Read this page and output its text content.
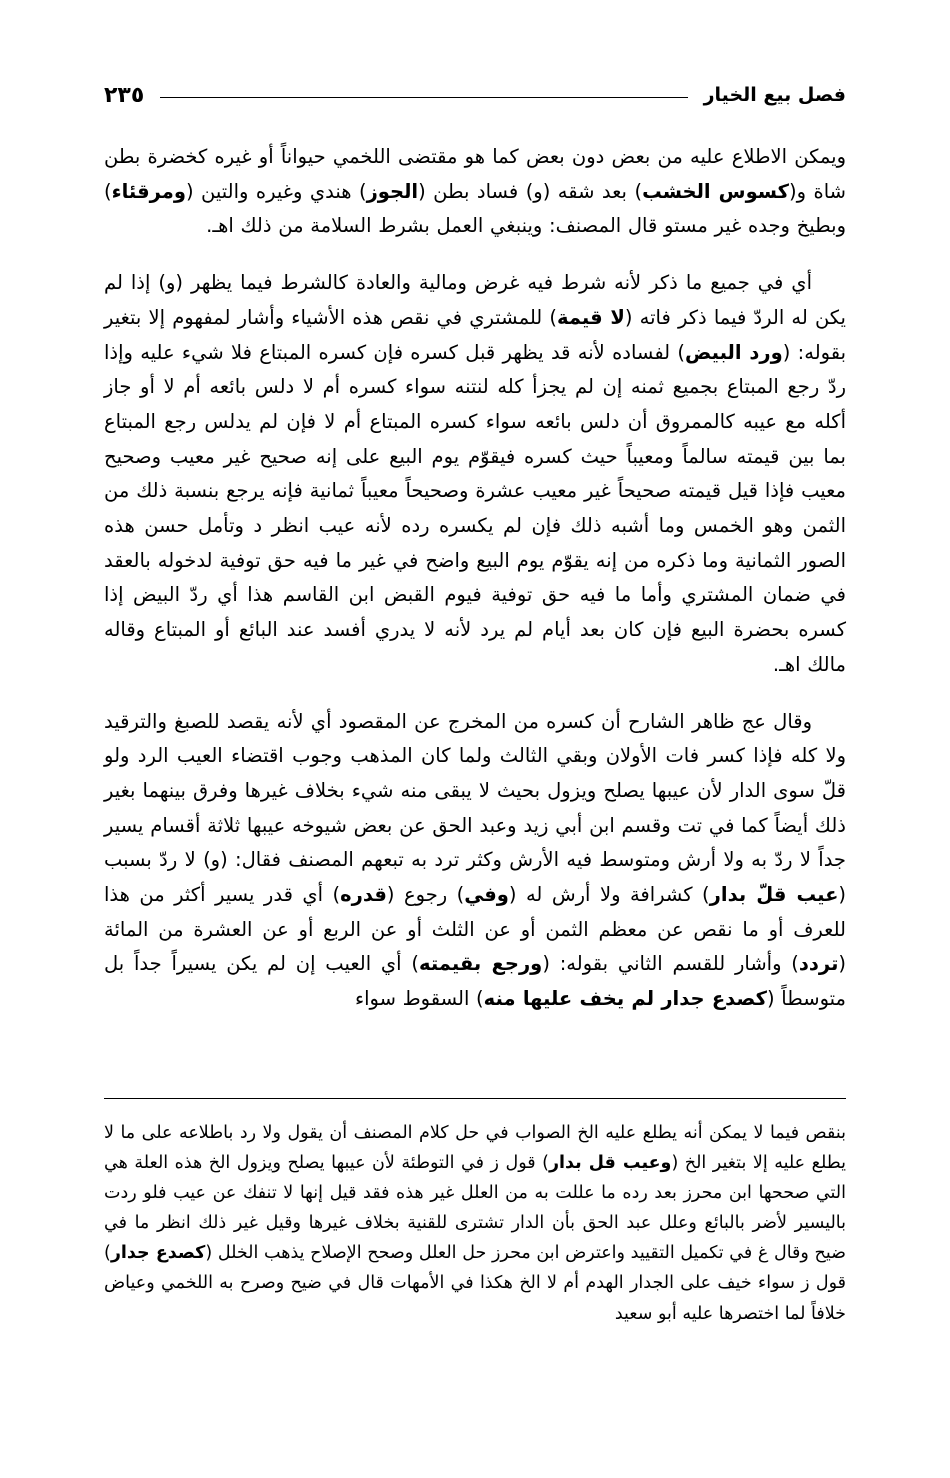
فصل بيع الخيار
٢٣٥

ويمكن الاطلاع عليه من بعض دون بعض كما هو مقتضى اللخمي حيواناً أو غيره كخضرة بطن شاة و(كسوس الخشب) بعد شقه (و) فساد بطن (الجوز) هندي وغيره والتين (ومرقئاء) وبطيخ وجده غير مستو قال المصنف: وينبغي العمل بشرط السلامة من ذلك اهـ.

أي في جميع ما ذكر لأنه شرط فيه غرض ومالية والعادة كالشرط فيما يظهر (و) إذا لم يكن له الردّ فيما ذكر فاته (لا قيمة) للمشتري في نقص هذه الأشياء وأشار لمفهوم إلا بتغير بقوله: (ورد البيض) لفساده لأنه قد يظهر قبل كسره فإن كسره المبتاع فلا شيء عليه وإذا ردّ رجع المبتاع بجميع ثمنه إن لم يجزأ كله لنتنه سواء كسره أم لا دلس بائعه أم لا أو جاز أكله مع عيبه كالممروق أن دلس بائعه سواء كسره المبتاع أم لا فإن لم يدلس رجع المبتاع بما بين قيمته سالماً ومعيباً حيث كسره فيقوّم يوم البيع على إنه صحيح غير معيب وصحيح معيب فإذا قيل قيمته صحيحاً غير معيب عشرة وصحيحاً معيباً ثمانية فإنه يرجع بنسبة ذلك من الثمن وهو الخمس وما أشبه ذلك فإن لم يكسره رده لأنه عيب انظر د وتأمل حسن هذه الصور الثمانية وما ذكره من إنه يقوّم يوم البيع واضح في غير ما فيه حق توفية لدخوله بالعقد في ضمان المشتري وأما ما فيه حق توفية فيوم القبض ابن القاسم هذا أي ردّ البيض إذا كسره بحضرة البيع فإن كان بعد أيام لم يرد لأنه لا يدري أفسد عند البائع أو المبتاع وقاله مالك اهـ.

وقال عج ظاهر الشارح أن كسره من المخرج عن المقصود أي لأنه يقصد للصبغ والترقيد ولا كله فإذا كسر فات الأولان وبقي الثالث ولما كان المذهب وجوب اقتضاء العيب الرد ولو قلّ سوى الدار لأن عيبها يصلح ويزول بحيث لا يبقى منه شيء بخلاف غيرها وفرق بينهما بغير ذلك أيضاً كما في تت وقسم ابن أبي زيد وعبد الحق عن بعض شيوخه عيبها ثلاثة أقسام يسير جداً لا ردّ به ولا أرش ومتوسط فيه الأرش وكثر ترد به تبعهم المصنف فقال: (و) لا ردّ بسبب (عيب قلّ بدار) كشرافة ولا أرش له (وفي) رجوع (قدره) أي قدر يسير أكثر من هذا للعرف أو ما نقص عن معظم الثمن أو عن الثلث أو عن الربع أو عن العشرة من المائة (تردد) وأشار للقسم الثاني بقوله: (ورجع بقيمته) أي العيب إن لم يكن يسيراً جداً بل متوسطاً (كصدع جدار لم يخف عليها منه) السقوط سواء

بنقص فيما لا يمكن أنه يطلع عليه الخ الصواب في حل كلام المصنف أن يقول ولا رد باطلاعه على ما لا يطلع عليه إلا بتغير الخ (وعيب قل بدار) قول ز في التوطئة لأن عيبها يصلح ويزول الخ هذه العلة هي التي صححها ابن محرز بعد رده ما عللت به من العلل غير هذه فقد قيل إنها لا تنفك عن عيب فلو ردت باليسير لأضر بالبائع وعلل عبد الحق بأن الدار تشترى للقنية بخلاف غيرها وقيل غير ذلك انظر ما في ضيح وقال غ في تكميل التقييد واعترض ابن محرز حل العلل وصحح الإصلاح يذهب الخلل (كصدع جدار) قول ز سواء خيف على الجدار الهدم أم لا الخ هكذا في الأمهات قال في ضيح وصرح به اللخمي وعياض خلافاً لما اختصرها عليه أبو سعيد
